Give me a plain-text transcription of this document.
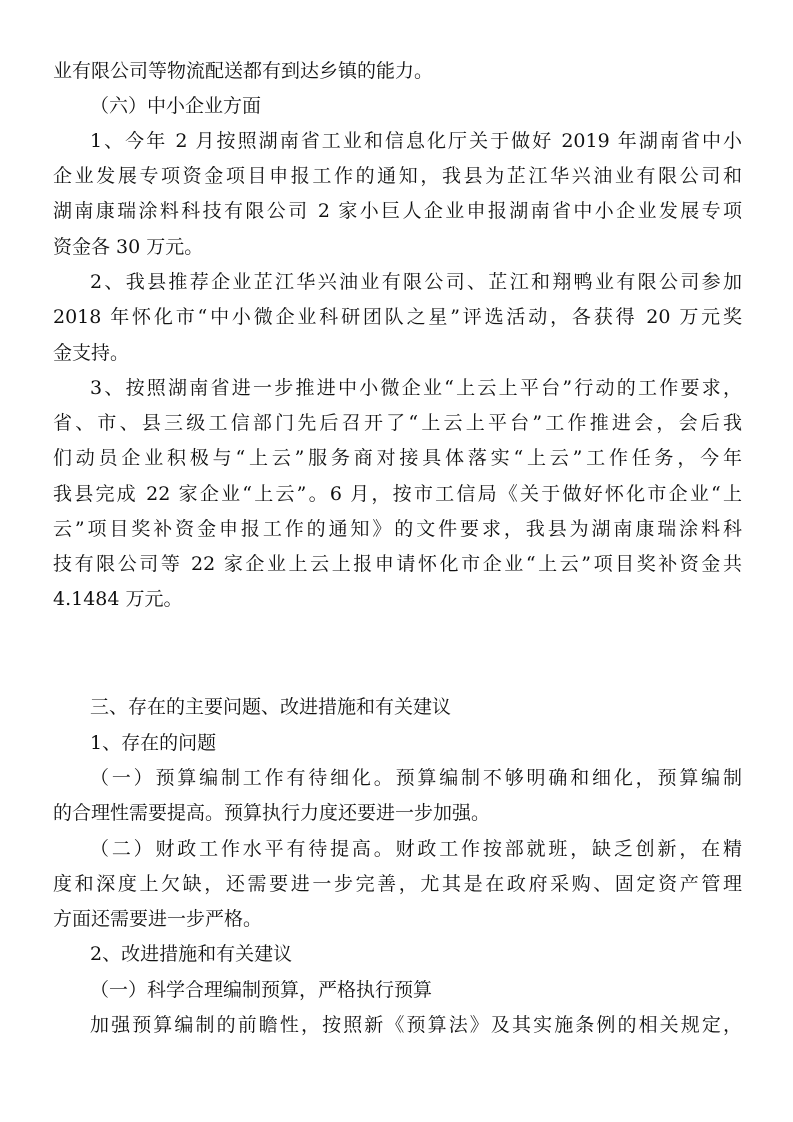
业有限公司等物流配送都有到达乡镇的能力。
（六）中小企业方面
1、今年 2 月按照湖南省工业和信息化厅关于做好 2019 年湖南省中小
企业发展专项资金项目申报工作的通知，我县为芷江华兴油业有限公司和
湖南康瑞涂料科技有限公司 2 家小巨人企业申报湖南省中小企业发展专项
资金各 30 万元。
2、我县推荐企业芷江华兴油业有限公司、芷江和翔鸭业有限公司参加
2018 年怀化市“中小微企业科研团队之星”评选活动，各获得 20 万元奖
金支持。
3、按照湖南省进一步推进中小微企业“上云上平台”行动的工作要求，
省、市、县三级工信部门先后召开了“上云上平台”工作推进会，会后我
们动员企业积极与“上云”服务商对接具体落实“上云”工作任务，今年
我县完成 22 家企业“上云”。6 月，按市工信局《关于做好怀化市企业“上
云”项目奖补资金申报工作的通知》的文件要求，我县为湖南康瑞涂料科
技有限公司等 22 家企业上云上报申请怀化市企业“上云”项目奖补资金共
4.1484 万元。
三、存在的主要问题、改进措施和有关建议
1、存在的问题
（一）预算编制工作有待细化。预算编制不够明确和细化，预算编制
的合理性需要提高。预算执行力度还要进一步加强。
（二）财政工作水平有待提高。财政工作按部就班，缺乏创新，在精
度和深度上欠缺，还需要进一步完善，尤其是在政府采购、固定资产管理
方面还需要进一步严格。
2、改进措施和有关建议
（一）科学合理编制预算，严格执行预算
加强预算编制的前瞻性，按照新《预算法》及其实施条例的相关规定，
